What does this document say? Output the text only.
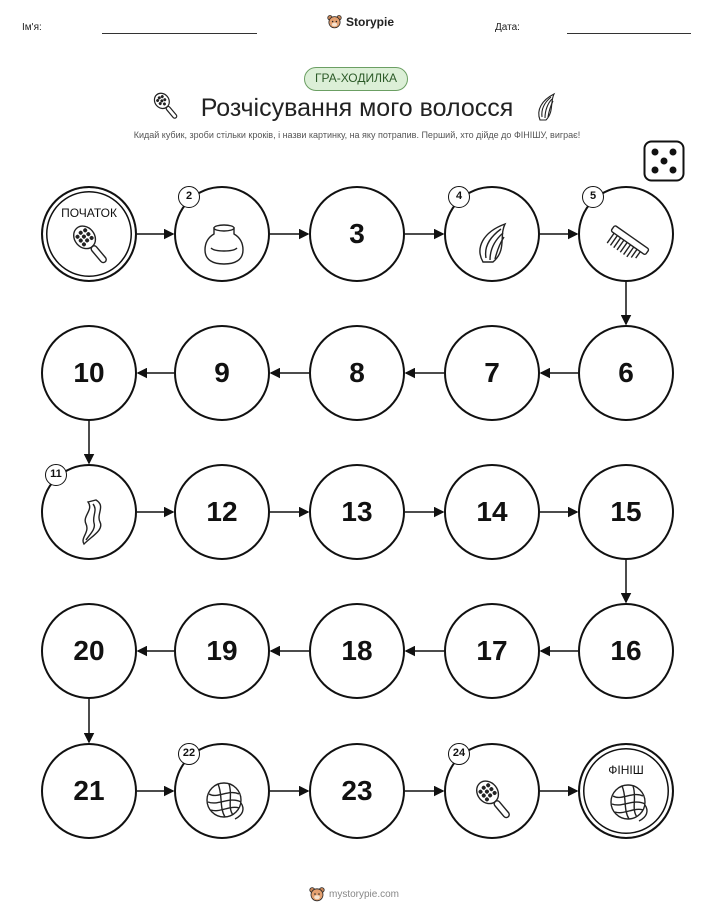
Ім'я:	Storypie	Дата:
ГРА-ХОДИЛКА
Розчісування мого волосся
Кидай кубик, зроби стільки кроків, і назви картинку, на яку потрапив. Перший, хто дійде до ФІНІШУ, виграє!
ПОЧАТОК
2
3
4	5
6
7
8
9
10
11
12	13	14	15
16
17
18
19
20
21
22
23
24
ФІНІШ
mystorypie.com
